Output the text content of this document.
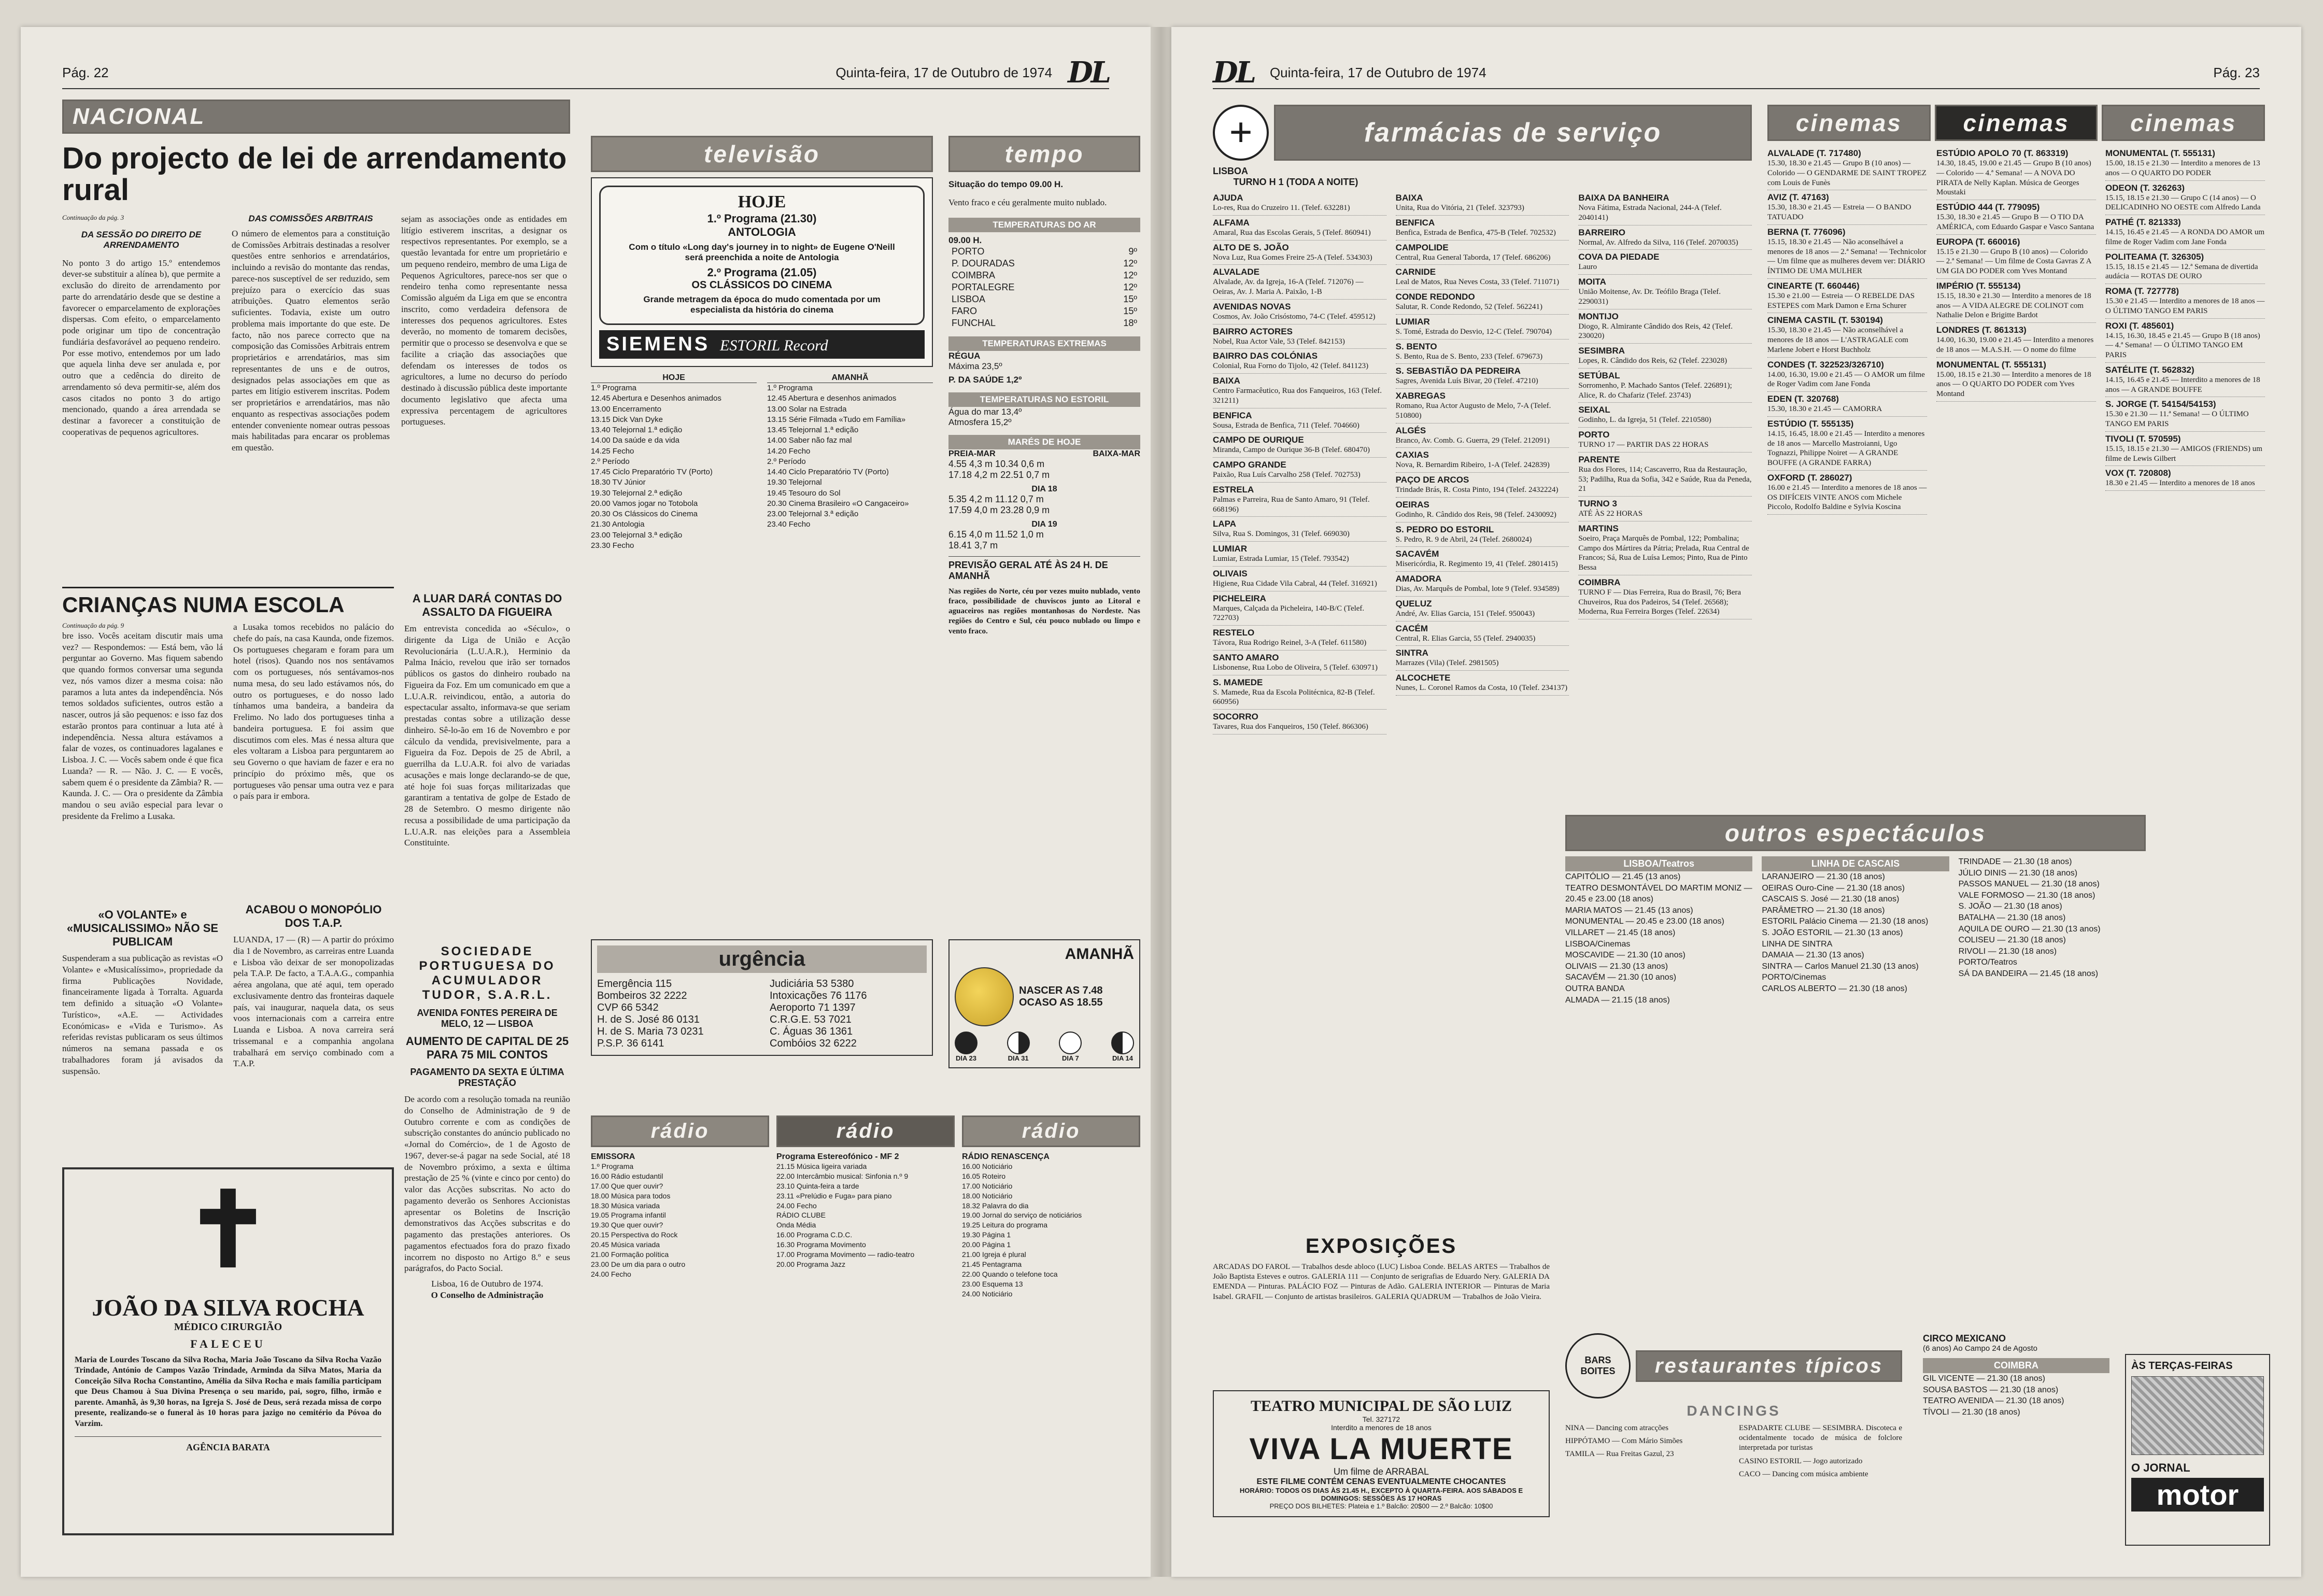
Pág. 22	Quinta-feira, 17 de Outubro de 1974 DL
NACIONAL
Do projecto de lei de arrendamento rural
Continuação da pág. 3
DA SESSÃO DO DIREITO DE ARRENDAMENTO
No ponto 3 do artigo 15.º entendemos dever-se substituir a alínea b), que permite a exclusão do direito de arrendamento por parte do arrendatário desde que se destine a favorecer o emparcelamento de explorações dispersas. Com efeito, o emparcelamento pode originar um tipo de concentração fundiária desfavorável ao pequeno rendeiro. Por esse motivo, entendemos por um lado que aquela linha deve ser anulada e, por outro que a cedência do direito de arrendamento só deva permitir-se, além dos casos citados no ponto 3 do artigo mencionado, quando a área arrendada se destinar a favorecer a constituição de cooperativas de pequenos agricultores.
DAS COMISSÕES ARBITRAIS
O número de elementos para a constituição de Comissões Arbitrais destinadas a resolver questões entre senhorios e arrendatários, incluindo a revisão do montante das rendas, parece-nos susceptível de ser reduzido, sem prejuízo para o exercício das suas atribuições. Quatro elementos serão suficientes. Todavia, existe um outro problema mais importante do que este. De facto, não nos parece correcto que na composição das Comissões Arbitrais entrem proprietários e arrendatários, mas sim representantes de uns e de outros, designados pelas associações em que as partes em litígio estiverem inscritas. Podem ser proprietários e arrendatários, mas não enquanto as respectivas associações podem entender conveniente nomear outras pessoas mais habilitadas para encarar os problemas em questão.
sejam as associações onde as entidades em litígio estiverem inscritas, a designar os respectivos representantes. Por exemplo, se a questão levantada for entre um proprietário e um pequeno rendeiro, membro de uma Liga de Pequenos Agricultores, parece-nos ser que o rendeiro tenha como representante nessa Comissão alguém da Liga em que se encontra inscrito, como verdadeira defensora de interesses dos pequenos agricultores. Estes deverão, no momento de tomarem decisões, permitir que o processo se desenvolva e que se facilite a criação das associações que defendam os interesses de todos os agricultores, a lume no decurso do período destinado à discussão pública deste importante documento legislativo que afecta uma expressiva percentagem de agricultores portugueses.
CRIANÇAS NUMA ESCOLA
Continuação da pág. 9
bre isso. Vocês aceitam discutir mais uma vez? — Respondemos: — Está bem, vão lá perguntar ao Governo. Mas fiquem sabendo que quando formos conversar uma segunda vez, nós vamos dizer a mesma coisa: não paramos a luta antes da independência. Nós temos soldados suficientes, outros estão a nascer, outros já são pequenos: e isso faz dos estarão prontos para continuar a luta até à independência. Nessa altura estávamos a falar de vozes, os continuadores lagalanes e Lisboa. J. C. — Vocês sabem onde é que fica Luanda? — R. — Não. J. C. — E vocês, sabem quem é o presidente da Zâmbia? R. — Kaunda. J. C. — Ora o presidente da Zâmbia mandou o seu avião especial para levar o presidente da Frelimo a Lusaka.
a Lusaka tomos recebidos no palácio do chefe do país, na casa Kaunda, onde fizemos. Os portugueses chegaram e foram para um hotel (risos). Quando nos nos sentávamos com os portugueses, nós sentávamos-nos numa mesa, do seu lado estávamos nós, do outro os portugueses, e do nosso lado tínhamos uma bandeira, a bandeira da Frelimo. No lado dos portugueses tinha a bandeira portuguesa. E foi assim que discutimos com eles. Mas é nessa altura que eles voltaram a Lisboa para perguntarem ao seu Governo o que haviam de fazer e era no princípio do próximo mês, que os portugueses vão pensar uma outra vez e para o país para ir embora.
A LUAR DARÁ CONTAS DO ASSALTO DA FIGUEIRA
Em entrevista concedida ao «Século», o dirigente da Liga de União e Acção Revolucionária (L.U.A.R.), Herminio da Palma Inácio, revelou que irão ser tornados públicos os gastos do dinheiro roubado na Figueira da Foz. Em um comunicado em que a L.U.A.R. reivindicou, então, a autoria do espectacular assalto, informava-se que seriam prestadas contas sobre a utilização desse dinheiro. Sê-lo-ão em 16 de Novembro e por cálculo da vendida, previsivelmente, para a Figueira da Foz. Depois de 25 de Abril, a guerrilha da L.U.A.R. foi alvo de variadas acusações e mais longe declarando-se de que, até hoje foi suas forças militarizadas que garantiram a tentativa de golpe de Estado de 28 de Setembro. O mesmo dirigente não recusa a possibilidade de uma participação da L.U.A.R. nas eleições para a Assembleia Constituinte.
«O VOLANTE» e «MUSICALISSIMO» NÃO SE PUBLICAM
Suspenderam a sua publicação as revistas «O Volante» e «Musicalíssimo», propriedade da firma Publicações Novidade, financeiramente ligada à Torralta. Aguarda tem definido a situação «O Volante» Turístico», «A.E. — Actividades Económicas» e «Vida e Turismo». As referidas revistas publicaram os seus últimos números na semana passada e os trabalhadores foram já avisados da suspensão.
ACABOU O MONOPÓLIO DOS T.A.P.
LUANDA, 17 — (R) — A partir do próximo dia 1 de Novembro, as carreiras entre Luanda e Lisboa vão deixar de ser monopolizadas pela T.A.P. De facto, a T.A.A.G., companhia aérea angolana, que até aqui, tem operado exclusivamente dentro das fronteiras daquele país, vai inaugurar, naquela data, os seus voos internacionais com a carreira entre Luanda e Lisboa. A nova carreira será trissemanal e a companhia angolana trabalhará em serviço combinado com a T.A.P.
✝
JOÃO DA SILVA ROCHA
MÉDICO CIRURGIÃO
FALECEU
Maria de Lourdes Toscano da Silva Rocha, Maria João Toscano da Silva Rocha Vazão Trindade, António de Campos Vazão Trindade, Arminda da Silva Matos, Maria da Conceição Silva Rocha Constantino, Amélia da Silva Rocha e mais família participam que Deus Chamou à Sua Divina Presença o seu marido, pai, sogro, filho, irmão e parente. Amanhã, às 9,30 horas, na Igreja S. José de Deus, será rezada missa de corpo presente, realizando-se o funeral às 10 horas para jazigo no cemitério da Póvoa do Varzim.
AGÊNCIA BARATA
SOCIEDADE PORTUGUESA DO ACUMULADOR TUDOR, S.A.R.L.
AVENIDA FONTES PEREIRA DE MELO, 12 — LISBOA
AUMENTO DE CAPITAL DE 25 PARA 75 MIL CONTOS
PAGAMENTO DA SEXTA E ÚLTIMA PRESTAÇÃO
De acordo com a resolução tomada na reunião do Conselho de Administração de 9 de Outubro corrente e com as condições de subscrição constantes do anúncio publicado no «Jornal do Comércio», de 1 de Agosto de 1967, dever-se-á pagar na sede Social, até 18 de Novembro próximo, a sexta e última prestação de 25 % (vinte e cinco por cento) do valor das Acções subscritas. No acto do pagamento deverão os Senhores Accionistas apresentar os Boletins de Inscrição demonstrativos das Acções subscritas e do pagamento das prestações anteriores. Os pagamentos efectuados fora do prazo fixado incorrem no disposto no Artigo 8.º e seus parágrafos, do Pacto Social.
Lisboa, 16 de Outubro de 1974.
O Conselho de Administração
televisão
HOJE
1.º Programa (21.30)
ANTOLOGIA
Com o título «Long day's journey in to night» de Eugene O'Neill será preenchida a noite de Antologia
2.º Programa (21.05)
OS CLÁSSICOS DO CINEMA
Grande metragem da época do mudo comentada por um especialista da história do cinema
SIEMENS ESTORIL Record
HOJE
1.º Programa
12.45 Abertura e Desenhos animados
13.00 Encerramento
13.15 Dick Van Dyke
13.40 Telejornal 1.ª edição
14.00 Da saúde e da vida
14.25 Fecho
2.º Período
17.45 Ciclo Preparatório TV (Porto)
18.30 TV Júnior
19.30 Telejornal 2.ª edição
20.00 Vamos jogar no Totobola
20.30 Os Clássicos do Cinema
21.30 Antologia
23.00 Telejornal 3.ª edição
23.30 Fecho
AMANHÃ
1.º Programa
12.45 Abertura e desenhos animados
13.00 Solar na Estrada
13.15 Série Filmada «Tudo em Família»
13.45 Telejornal 1.ª edição
14.00 Saber não faz mal
14.20 Fecho
2.º Período
14.40 Ciclo Preparatório TV (Porto)
19.30 Telejornal
19.45 Tesouro do Sol
20.30 Cinema Brasileiro «O Cangaceiro»
23.00 Telejornal 3.ª edição
23.40 Fecho
tempo
Situação do tempo 09.00 H.
Vento fraco e céu geralmente muito nublado.
TEMPERATURAS DO AR
09.00 H.
PORTO	9º
P. DOURADAS	12º
COIMBRA	12º
PORTALEGRE	12º
LISBOA	15º
FARO	15º
FUNCHAL	18º
TEMPERATURAS EXTREMAS
RÉGUA
Máxima 23,5º
P. DA SAÚDE 1,2º
TEMPERATURAS NO ESTORIL
Água do mar 13,4º
Atmosfera 15,2º
MARÉS DE HOJE
PREIA-MAR	BAIXA-MAR
4.55 4,3 m 10.34 0,6 m
17.18 4,2 m 22.51 0,7 m
DIA 18
5.35 4,2 m 11.12 0,7 m
17.59 4,0 m 23.28 0,9 m
DIA 19
6.15 4,0 m 11.52 1,0 m
18.41 3,7 m
PREVISÃO GERAL ATÉ ÀS 24 H. DE AMANHÃ
Nas regiões do Norte, céu por vezes muito nublado, vento fraco, possibilidade de chuviscos junto ao Litoral e aguaceiros nas regiões montanhosas do Nordeste. Nas regiões do Centro e Sul, céu pouco nublado ou limpo e vento fraco.
urgência
Emergência 115	Judiciária 53 5380
Bombeiros 32 2222	Intoxicações 76 1176
CVP 66 5342	Aeroporto 71 1397
H. de S. José 86 0131	C.R.G.E. 53 7021
H. de S. Maria 73 0231	C. Águas 36 1361
P.S.P. 36 6141	Combóios 32 6222
AMANHÃ
NASCER AS 7.48
OCASO AS 18.55
DIA 23	DIA 31	DIA 7	DIA 14
rádio	rádio	rádio
EMISSORA
1.º Programa
16.00 Rádio estudantil
17.00 Que quer ouvir?
18.00 Música para todos
18.30 Música variada
19.05 Programa infantil
19.30 Que quer ouvir?
20.15 Perspectiva do Rock
20.45 Música variada
21.00 Formação política
23.00 De um dia para o outro
24.00 Fecho
Programa Estereofónico - MF 2
21.15 Música ligeira variada
22.00 Intercâmbio musical: Sinfonia n.º 9
23.10 Quinta-feira a tarde
23.11 «Prelúdio e Fuga» para piano
24.00 Fecho
RÁDIO CLUBE
Onda Média
16.00 Programa C.D.C.
16.30 Programa Movimento
17.00 Programa Movimento — radio-teatro
20.00 Programa Jazz
RÁDIO RENASCENÇA
16.00 Noticiário
16.05 Roteiro
17.00 Noticiário
18.00 Noticiário
18.32 Palavra do dia
19.00 Jornal do serviço de noticiários
19.25 Leitura do programa
19.30 Página 1
20.00 Página 1
21.00 Igreja é plural
21.45 Pentagrama
22.00 Quando o telefone toca
23.00 Esquema 13
24.00 Noticiário
DL Quinta-feira, 17 de Outubro de 1974	Pág. 23
+	farmácias de serviço
LISBOA
TURNO H 1 (TODA A NOITE)
AJUDA
Lo-res, Rua do Cruzeiro 11. (Telef. 632281)
ALFAMA
Amaral, Rua das Escolas Gerais, 5 (Telef. 860941)
ALTO DE S. JOÃO
Nova Luz, Rua Gomes Freire 25-A (Telef. 534303)
ALVALADE
Alvalade, Av. da Igreja, 16-A (Telef. 712076) — Oeiras, Av. J. Maria A. Paixão, 1-B
AVENIDAS NOVAS
Cosmos, Av. João Crisóstomo, 74-C (Telef. 459512)
BAIRRO ACTORES
Nobel, Rua Actor Vale, 53 (Telef. 842153)
BAIRRO DAS COLÓNIAS
Colonial, Rua Forno do Tijolo, 42 (Telef. 841123)
BAIXA
Centro Farmacêutico, Rua dos Fanqueiros, 163 (Telef. 321211)
BENFICA
Sousa, Estrada de Benfica, 711 (Telef. 704660)
CAMPO DE OURIQUE
Miranda, Campo de Ourique 36-B (Telef. 680470)
CAMPO GRANDE
Paixão, Rua Luís Carvalho 258 (Telef. 702753)
ESTRELA
Palmas e Parreira, Rua de Santo Amaro, 91 (Telef. 668196)
LAPA
Silva, Rua S. Domingos, 31 (Telef. 669030)
LUMIAR
Lumiar, Estrada Lumiar, 15 (Telef. 793542)
OLIVAIS
Higiene, Rua Cidade Vila Cabral, 44 (Telef. 316921)
PICHELEIRA
Marques, Calçada da Picheleira, 140-B/C (Telef. 722703)
RESTELO
Távora, Rua Rodrigo Reinel, 3-A (Telef. 611580)
SANTO AMARO
Lisbonense, Rua Lobo de Oliveira, 5 (Telef. 630971)
S. MAMEDE
S. Mamede, Rua da Escola Politécnica, 82-B (Telef. 660956)
SOCORRO
Tavares, Rua dos Fanqueiros, 150 (Telef. 866306)
BAIXA
Unita, Rua do Vitória, 21 (Telef. 323793)
BENFICA
Benfica, Estrada de Benfica, 475-B (Telef. 702532)
CAMPOLIDE
Central, Rua General Taborda, 17 (Telef. 686206)
CARNIDE
Leal de Matos, Rua Neves Costa, 33 (Telef. 711071)
CONDE REDONDO
Salutar, R. Conde Redondo, 52 (Telef. 562241)
LUMIAR
S. Tomé, Estrada do Desvio, 12-C (Telef. 790704)
S. BENTO
S. Bento, Rua de S. Bento, 233 (Telef. 679673)
S. SEBASTIÃO DA PEDREIRA
Sagres, Avenida Luís Bivar, 20 (Telef. 47210)
XABREGAS
Romano, Rua Actor Augusto de Melo, 7-A (Telef. 510800)
ALGÉS
Branco, Av. Comb. G. Guerra, 29 (Telef. 212091)
CAXIAS
Nova, R. Bernardim Ribeiro, 1-A (Telef. 242839)
PAÇO DE ARCOS
Trindade Brás, R. Costa Pinto, 194 (Telef. 2432224)
OEIRAS
Godinho, R. Cândido dos Reis, 98 (Telef. 2430092)
S. PEDRO DO ESTORIL
S. Pedro, R. 9 de Abril, 24 (Telef. 2680024)
SACAVÉM
Misericórdia, R. Regimento 19, 41 (Telef. 2801415)
AMADORA
Dias, Av. Marquês de Pombal, lote 9 (Telef. 934589)
QUELUZ
André, Av. Elias Garcia, 151 (Telef. 950043)
CACÉM
Central, R. Elias Garcia, 55 (Telef. 2940035)
SINTRA
Marrazes (Vila) (Telef. 2981505)
ALCOCHETE
Nunes, L. Coronel Ramos da Costa, 10 (Telef. 234137)
BAIXA DA BANHEIRA
Nova Fátima, Estrada Nacional, 244-A (Telef. 2040141)
BARREIRO
Normal, Av. Alfredo da Silva, 116 (Telef. 2070035)
COVA DA PIEDADE
Lauro
MOITA
União Moitense, Av. Dr. Teófilo Braga (Telef. 2290031)
MONTIJO
Diogo, R. Almirante Cândido dos Reis, 42 (Telef. 230020)
SESIMBRA
Lopes, R. Cândido dos Reis, 62 (Telef. 223028)
SETÚBAL
Sorromenho, P. Machado Santos (Telef. 226891); Alice, R. do Chafariz (Telef. 23743)
SEIXAL
Godinho, L. da Igreja, 51 (Telef. 2210580)
PORTO
TURNO 17 — PARTIR DAS 22 HORAS
PARENTE
Rua dos Flores, 114; Cascaverro, Rua da Restauração, 53; Padilha, Rua da Sofia, 342 e Saúde, Rua da Peneda, 21
TURNO 3
ATÉ ÀS 22 HORAS
MARTINS
Soeiro, Praça Marquês de Pombal, 122; Pombalina; Campo dos Mártires da Pátria; Prelada, Rua Central de Francos; Sá, Rua de Luísa Lemos; Pinto, Rua de Pinto Bessa
COIMBRA
TURNO F — Dias Ferreira, Rua do Brasil, 76; Bera Chuveiros, Rua dos Padeiros, 54 (Telef. 26568); Moderna, Rua Ferreira Borges (Telef. 22634)
cinemas	cinemas	cinemas
ALVALADE (T. 717480)
15.30, 18.30 e 21.45 — Grupo B (10 anos) — Colorido — O GENDARME DE SAINT TROPEZ com Louis de Funès
AVIZ (T. 47163)
15.30, 18.30 e 21.45 — Estreia — O BANDO TATUADO
BERNA (T. 776096)
15.15, 18.30 e 21.45 — Não aconselhável a menores de 18 anos — 2.ª Semana! — Technicolor — Um filme que as mulheres devem ver: DIÁRIO ÍNTIMO DE UMA MULHER
CINEARTE (T. 660446)
15.30 e 21.00 — Estreia — O REBELDE DAS ESTEPES com Mark Damon e Erna Schurer
CINEMA CASTIL (T. 530194)
15.30, 18.30 e 21.45 — Não aconselhável a menores de 18 anos — L'ASTRAGALE com Marlene Jobert e Horst Buchholz
CONDES (T. 322523/326710)
14.00, 16.30, 19.00 e 21.45 — O AMOR um filme de Roger Vadim com Jane Fonda
EDEN (T. 320768)
15.30, 18.30 e 21.45 — CAMORRA
ESTÚDIO (T. 555135)
14.15, 16.45, 18.00 e 21.45 — Interdito a menores de 18 anos — Marcello Mastroianni, Ugo Tognazzi, Philippe Noiret — A GRANDE BOUFFE (A GRANDE FARRA)
OXFORD (T. 286027)
16.00 e 21.45 — Interdito a menores de 18 anos — OS DIFÍCEIS VINTE ANOS com Michele Piccolo, Rodolfo Baldine e Sylvia Koscina
ESTÚDIO APOLO 70 (T. 863319)
14.30, 18.45, 19.00 e 21.45 — Grupo B (10 anos) — Colorido — 4.ª Semana! — A NOVA DO PIRATA de Nelly Kaplan. Música de Georges Moustaki
ESTÚDIO 444 (T. 779095)
15.30, 18.30 e 21.45 — Grupo B — O TIO DA AMÉRICA, com Eduardo Gaspar e Vasco Santana
EUROPA (T. 660016)
15.15 e 21.30 — Grupo B (10 anos) — Colorido — 2.ª Semana! — Um filme de Costa Gavras Z A UM GIA DO PODER com Yves Montand
IMPÉRIO (T. 555134)
15.15, 18.30 e 21.30 — Interdito a menores de 18 anos — A VIDA ALEGRE DE COLINOT com Nathalie Delon e Brigitte Bardot
LONDRES (T. 861313)
14.00, 16.30, 19.00 e 21.45 — Interdito a menores de 18 anos — M.A.S.H. — O nome do filme
MONUMENTAL (T. 555131)
15.00, 18.15 e 21.30 — Interdito a menores de 18 anos — O QUARTO DO PODER com Yves Montand
MONUMENTAL (T. 555131)
15.00, 18.15 e 21.30 — Interdito a menores de 13 anos — O QUARTO DO PODER
ODEON (T. 326263)
15.15, 18.15 e 21.30 — Grupo C (14 anos) — O DELICADINHO NO OESTE com Alfredo Landa
PATHÉ (T. 821333)
14.15, 16.45 e 21.45 — A RONDA DO AMOR um filme de Roger Vadim com Jane Fonda
POLITEAMA (T. 326305)
15.15, 18.15 e 21.45 — 12.ª Semana de divertida audácia — ROTAS DE OURO
ROMA (T. 727778)
15.30 e 21.45 — Interdito a menores de 18 anos — O ÚLTIMO TANGO EM PARIS
ROXI (T. 485601)
14.15, 16.30, 18.45 e 21.45 — Grupo B (18 anos) — 4.ª Semana! — O ÚLTIMO TANGO EM PARIS
SATÉLITE (T. 562832)
14.15, 16.45 e 21.45 — Interdito a menores de 18 anos — A GRANDE BOUFFE
S. JORGE (T. 54154/54153)
15.30 e 21.30 — 11.ª Semana! — O ÚLTIMO TANGO EM PARIS
TIVOLI (T. 570595)
15.15, 18.15 e 21.30 — AMIGOS (FRIENDS) um filme de Lewis Gilbert
VOX (T. 720808)
18.30 e 21.45 — Interdito a menores de 18 anos
outros espectáculos
LISBOA/Teatros
CAPITÓLIO — 21.45 (13 anos)
TEATRO DESMONTÁVEL DO MARTIM MONIZ — 20.45 e 23.00 (18 anos)
MARIA MATOS — 21.45 (13 anos)
MONUMENTAL — 20.45 e 23.00 (18 anos)
VILLARET — 21.45 (18 anos)
LISBOA/Cinemas
MOSCAVIDE — 21.30 (10 anos)
OLIVAIS — 21.30 (13 anos)
SACAVÉM — 21.30 (10 anos)
OUTRA BANDA
ALMADA — 21.15 (18 anos)
LINHA DE CASCAIS
LARANJEIRO — 21.30 (18 anos)
OEIRAS Ouro-Cine — 21.30 (18 anos)
CASCAIS S. José — 21.30 (18 anos)
PARÂMETRO — 21.30 (18 anos)
ESTORIL Palácio Cinema — 21.30 (18 anos)
S. JOÃO ESTORIL — 21.30 (13 anos)
LINHA DE SINTRA
DAMAIA — 21.30 (13 anos)
SINTRA — Carlos Manuel 21.30 (13 anos)
PORTO/Cinemas
CARLOS ALBERTO — 21.30 (18 anos)
TRINDADE — 21.30 (18 anos)
JÚLIO DINIS — 21.30 (18 anos)
PASSOS MANUEL — 21.30 (18 anos)
VALE FORMOSO — 21.30 (18 anos)
S. JOÃO — 21.30 (18 anos)
BATALHA — 21.30 (18 anos)
AQUILA DE OURO — 21.30 (13 anos)
COLISEU — 21.30 (18 anos)
RIVOLI — 21.30 (18 anos)
PORTO/Teatros
SÁ DA BANDEIRA — 21.45 (18 anos)
EXPOSIÇÕES
ARCADAS DO FAROL — Trabalhos desde abloco (LUC) Lisboa Conde. BELAS ARTES — Trabalhos de João Baptista Esteves e outros. GALERIA 111 — Conjunto de serigrafias de Eduardo Nery. GALERIA DA EMENDA — Pinturas. PALÁCIO FOZ — Pinturas de Adão. GALERIA INTERIOR — Pinturas de Maria Isabel. GRAFIL — Conjunto de artistas brasileiros. GALERIA QUADRUM — Trabalhos de João Vieira.
TEATRO MUNICIPAL DE SÃO LUIZ
Tel. 327172
Interdito a menores de 18 anos
VIVA LA MUERTE
Um filme de ARRABAL
ESTE FILME CONTÉM CENAS EVENTUALMENTE CHOCANTES
HORÁRIO: TODOS OS DIAS ÀS 21.45 H., EXCEPTO À QUARTA-FEIRA. AOS SÁBADOS E DOMINGOS: SESSÕES ÀS 17 HORAS
PREÇO DOS BILHETES: Plateia e 1.º Balcão: 20$00 — 2.º Balcão: 10$00
BARS BOITES	restaurantes típicos
DANCINGS
NINA — Dancing com atracções
HIPPÓTAMO — Com Mário Simões
TAMILA — Rua Freitas Gazul, 23
ESPADARTE CLUBE — SESIMBRA. Discoteca e ocidentalmente tocado de música de folclore interpretada por turistas
CASINO ESTORIL — Jogo autorizado
CACO — Dancing com música ambiente
CIRCO MEXICANO
(6 anos) Ao Campo 24 de Agosto
COIMBRA
GIL VICENTE — 21.30 (18 anos)
SOUSA BASTOS — 21.30 (18 anos)
TEATRO AVENIDA — 21.30 (18 anos)
TÍVOLI — 21.30 (18 anos)
ÀS TERÇAS-FEIRAS
O JORNAL
motor
